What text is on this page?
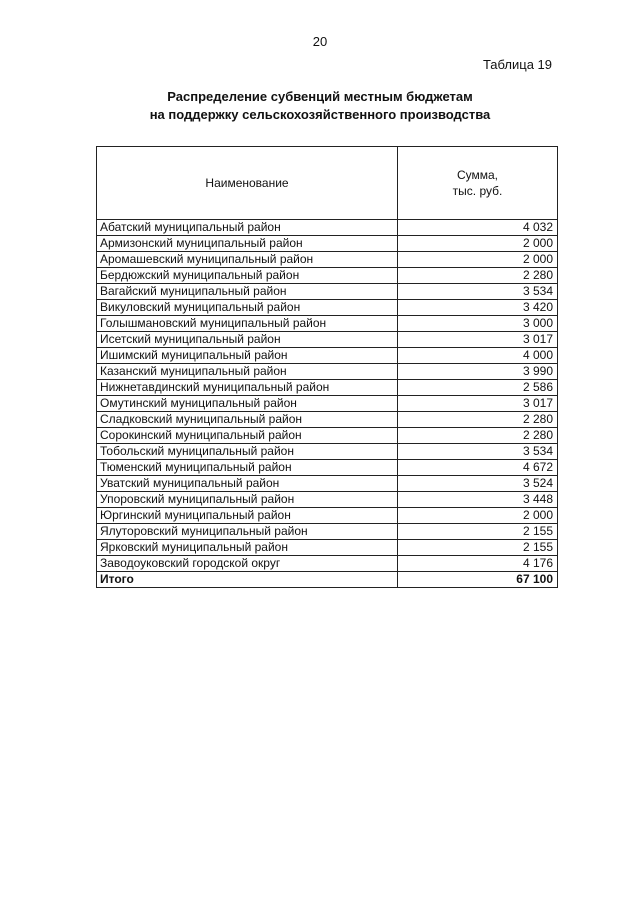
20
Таблица 19
Распределение субвенций местным бюджетам
на поддержку сельскохозяйственного производства
Наименование	Сумма,
тыс. руб.

Абатский муниципальный район	4 032
Армизонский муниципальный район	2 000
Аромашевский муниципальный район	2 000
Бердюжский муниципальный район	2 280
Вагайский муниципальный район	3 534
Викуловский муниципальный район	3 420
Голышмановский муниципальный район	3 000
Исетский муниципальный район	3 017
Ишимский муниципальный район	4 000
Казанский муниципальный район	3 990
Нижнетавдинский муниципальный район	2 586
Омутинский муниципальный район	3 017
Сладковский муниципальный район	2 280
Сорокинский муниципальный район	2 280
Тобольский муниципальный район	3 534
Тюменский муниципальный район	4 672
Уватский муниципальный район	3 524
Упоровский муниципальный район	3 448
Юргинский муниципальный район	2 000
Ялуторовский муниципальный район	2 155
Ярковский муниципальный район	2 155
Заводоуковский городской округ	4 176
Итого	67 100
